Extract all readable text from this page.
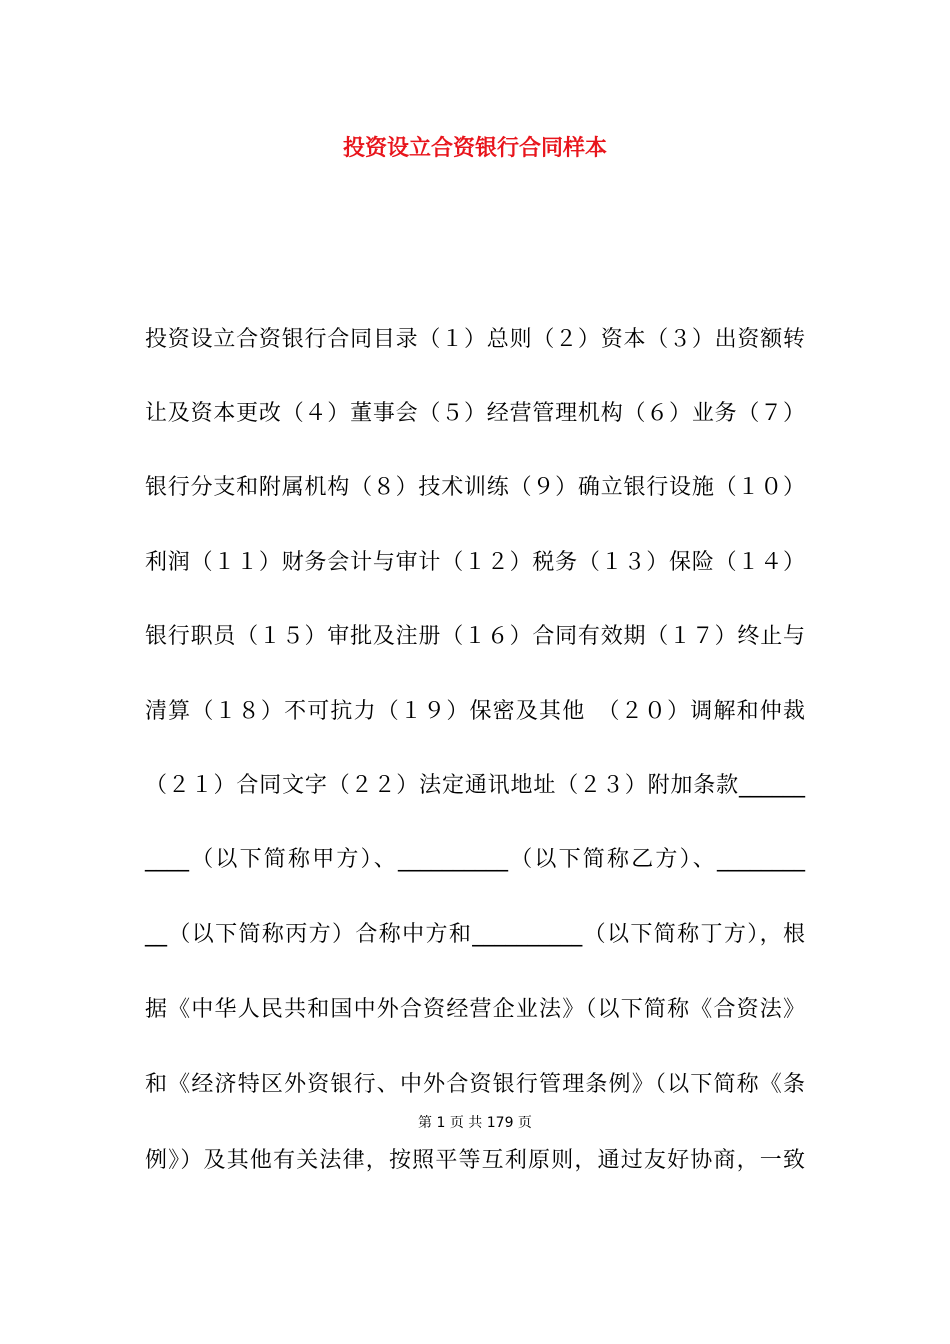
投资设立合资银行合同样本
投资设立合资银行合同目录（１）总则（２）资本（３）出资额转
让及资本更改（４）董事会（５）经营管理机构（６）业务（７）
银行分支和附属机构（８）技术训练（９）确立银行设施（１０）
利润（１１）财务会计与审计（１２）税务（１３）保险（１４）
银行职员（１５）审批及注册（１６）合同有效期（１７）终止与
清算（１８）不可抗力（１９）保密及其他　（２０）调解和仲裁
（２１）合同文字（２２）法定通讯地址（２３）附加条款______
____（以下简称甲方）、__________（以下简称乙方）、________
__（以下简称丙方）合称中方和__________（以下简称丁方），根
据《中华人民共和国中外合资经营企业法》（以下简称《合资法》
和《经济特区外资银行、中外合资银行管理条例》（以下简称《条
第 1 页 共 179 页
例》）及其他有关法律，按照平等互利原则，通过友好协商，一致
